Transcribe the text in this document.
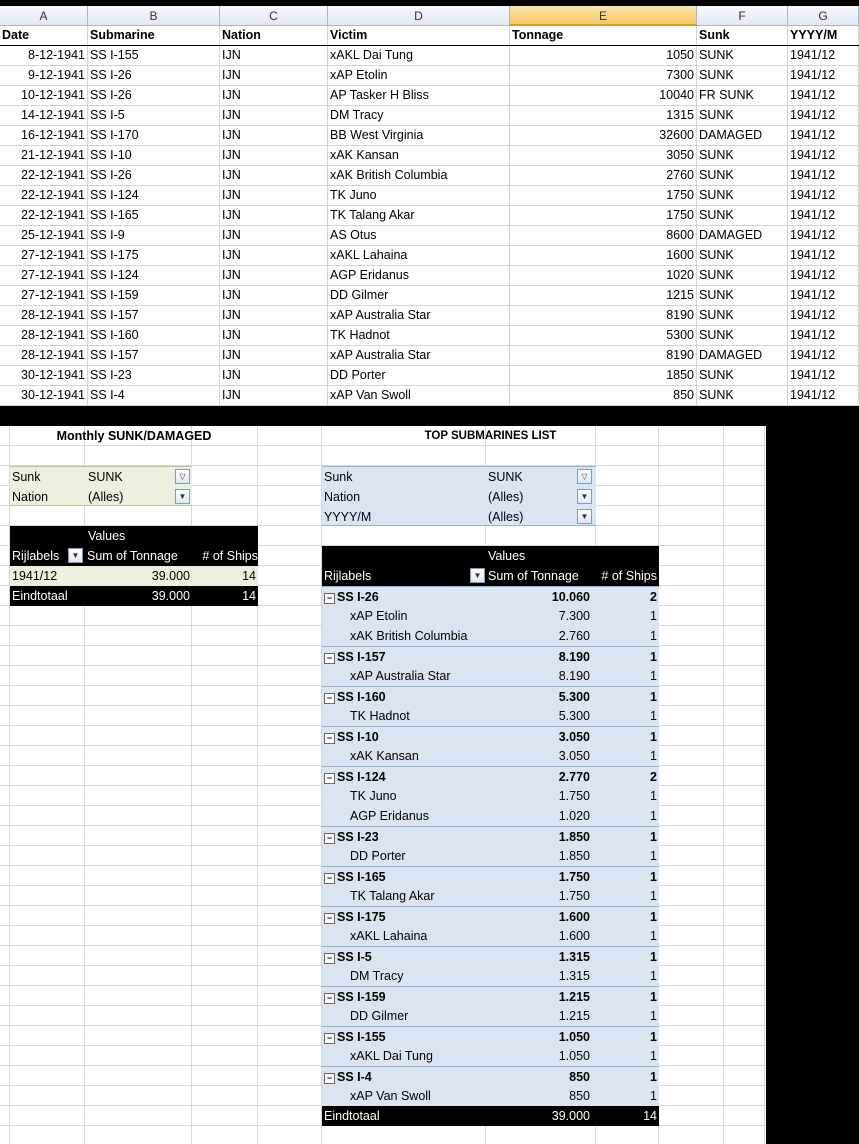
A	B	C	D	E	F	G
Date	Submarine	Nation	Victim	Tonnage	Sunk	YYYY/M
8-12-1941 SS I-155	IJN	xAKL Dai Tung	1050 SUNK	1941/12
9-12-1941 SS I-26	IJN	xAP Etolin	7300 SUNK	1941/12
10-12-1941 SS I-26	IJN	AP Tasker H Bliss	10040 FR SUNK	1941/12
14-12-1941 SS I-5	IJN	DM Tracy	1315 SUNK	1941/12
16-12-1941 SS I-170	IJN	BB West Virginia	32600 DAMAGED	1941/12
21-12-1941 SS I-10	IJN	xAK Kansan	3050 SUNK	1941/12
22-12-1941 SS I-26	IJN	xAK British Columbia	2760 SUNK	1941/12
22-12-1941 SS I-124	IJN	TK Juno	1750 SUNK	1941/12
22-12-1941 SS I-165	IJN	TK Talang Akar	1750 SUNK	1941/12
25-12-1941 SS I-9	IJN	AS Otus	8600 DAMAGED	1941/12
27-12-1941 SS I-175	IJN	xAKL Lahaina	1600 SUNK	1941/12
27-12-1941 SS I-124	IJN	AGP Eridanus	1020 SUNK	1941/12
27-12-1941 SS I-159	IJN	DD Gilmer	1215 SUNK	1941/12
28-12-1941 SS I-157	IJN	xAP Australia Star	8190 SUNK	1941/12
28-12-1941 SS I-160	IJN	TK Hadnot	5300 SUNK	1941/12
28-12-1941 SS I-157	IJN	xAP Australia Star	8190 DAMAGED	1941/12
30-12-1941 SS I-23	IJN	DD Porter	1850 SUNK	1941/12
30-12-1941 SS I-4	IJN	xAP Van Swoll	850 SUNK	1941/12
Monthly SUNK/DAMAGED
Sunk	SUNK	▽
Nation	(Alles)	▼
Values
Rijlabels	▼ Sum of Tonnage	# of Ships
1941/12	39.000	14
Eindtotaal	39.000	14
TOP SUBMARINES LIST
Sunk	SUNK	▽
Nation	(Alles)	▼
YYYY/M	(Alles)	▼
Values
Rijlabels	▼ Sum of Tonnage	# of Ships
− SS I-26	10.060	2
xAP Etolin	7.300	1
xAK British Columbia	2.760	1
− SS I-157	8.190	1
xAP Australia Star	8.190	1
− SS I-160	5.300	1
TK Hadnot	5.300	1
− SS I-10	3.050	1
xAK Kansan	3.050	1
− SS I-124	2.770	2
TK Juno	1.750	1
AGP Eridanus	1.020	1
− SS I-23	1.850	1
DD Porter	1.850	1
− SS I-165	1.750	1
TK Talang Akar	1.750	1
− SS I-175	1.600	1
xAKL Lahaina	1.600	1
− SS I-5	1.315	1
DM Tracy	1.315	1
− SS I-159	1.215	1
DD Gilmer	1.215	1
− SS I-155	1.050	1
xAKL Dai Tung	1.050	1
− SS I-4	850	1
xAP Van Swoll	850	1
Eindtotaal	39.000	14
